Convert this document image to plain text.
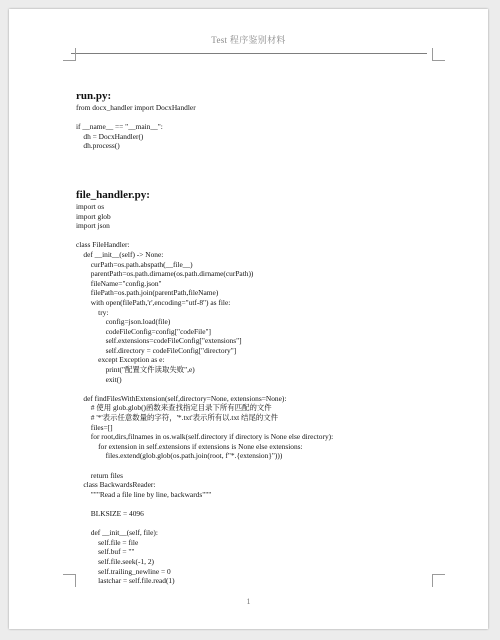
Test 程序鉴别材料
run.py:
from docx_handler import DocxHandler
if __name__ == "__main__":
dh = DocxHandler()
dh.process()
file_handler.py:
import os
import glob
import json
class FileHandler:
def __init__(self) -> None:
curPath=os.path.abspath(__file__)
parentPath=os.path.dirname(os.path.dirname(curPath))
fileName="config.json"
filePath=os.path.join(parentPath,fileName)
with open(filePath,'r',encoding="utf-8") as file:
try:
config=json.load(file)
codeFileConfig=config["codeFile"]
self.extensions=codeFileConfig["extensions"]
self.directory = codeFileConfig["directory"]
except Exception as e:
print("配置文件读取失败",e)
exit()
def findFilesWithExtension(self,directory=None, extensions=None):
# 使用 glob.glob()函数来查找指定目录下所有匹配的文件
# '*'表示任意数量的字符，'*.txt'表示所有以.txt 结尾的文件
files=[]
for root,dirs,filnames in os.walk(self.directory if directory is None else directory):
for extension in self.extensions if extensions is None else extensions:
files.extend(glob.glob(os.path.join(root, f"*.{extension}")))
return files
class BackwardsReader:
"""Read a file line by line, backwards"""
BLKSIZE = 4096
def __init__(self, file):
self.file = file
self.buf = ""
self.file.seek(-1, 2)
self.trailing_newline = 0
lastchar = self.file.read(1)
1
